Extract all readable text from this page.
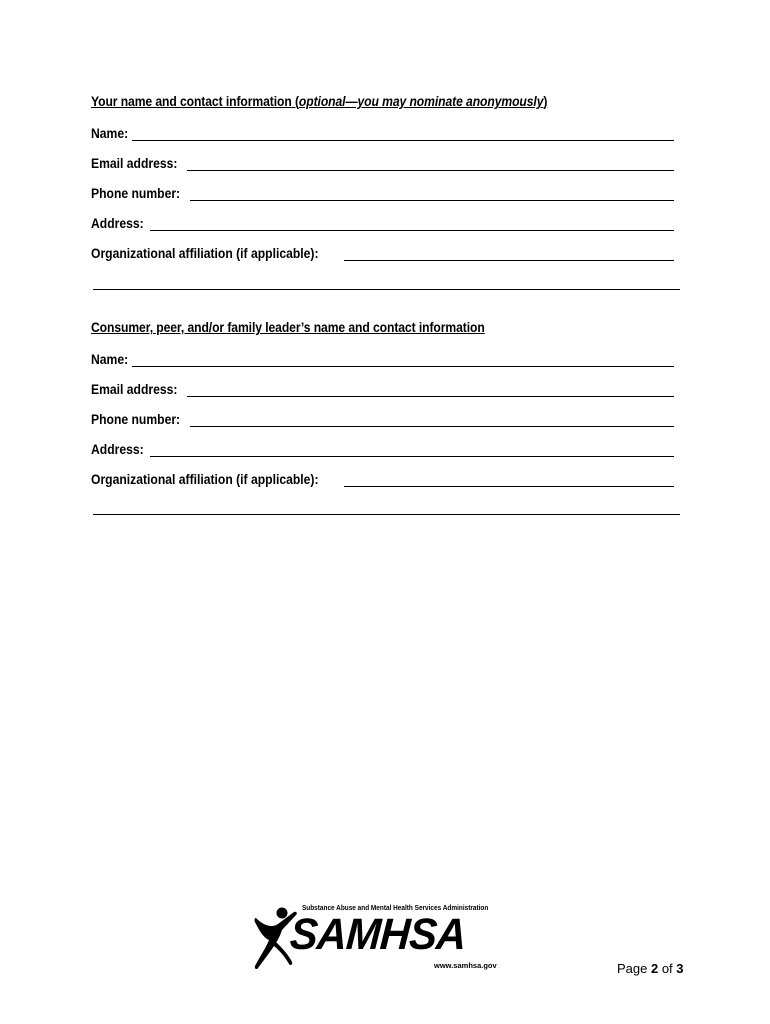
Your name and contact information (optional—you may nominate anonymously)
Name:
Email address:
Phone number:
Address:
Organizational affiliation (if applicable):
Consumer, peer, and/or family leader’s name and contact information
Name:
Email address:
Phone number:
Address:
Organizational affiliation (if applicable):
Substance Abuse and Mental Health Services Administration
SAMHSA
www.samhsa.gov	Page 2 of 3
